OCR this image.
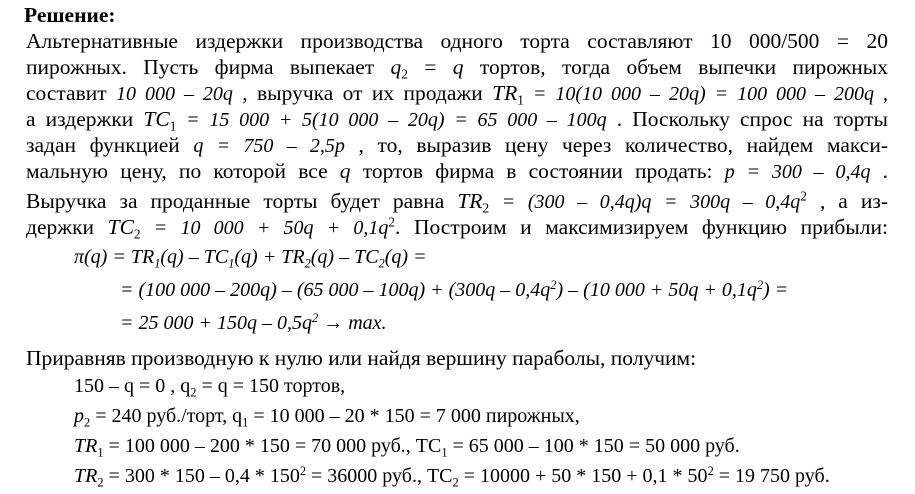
Решение:
Альтернативные издержки производства одного торта составляют 10 000/500 = 20
пирожных. Пусть фирма выпекает $q_2 = q$ тортов, тогда объем выпечки пирожных
составит 10 000 – 20q , выручка от их продажи $TR_1 = 10(10$ 000 – 20q) = 100 000 – 200q ,
а издержки $TC_1 = 15$ 000 + 5(10 000 – 20q) = 65 000 – 100q . Поскольку спрос на торты
задан функцией q = 750 – 2,5p , то, выразив цену через количество, найдем макси-
мальную цену, по которой все q тортов фирма в состоянии продать: p = 300 – 0,4q .
Выручка за проданные торты будет равна $TR_2 = (300 - 0,4q)q = 300q - 0,4q^2$ , а из-
держки $TC_2 = 10$ $000 + 50q + 0,1q^2$. Построим и максимизируем функцию прибыли:
$\pi(q) = TR_1(q) - TC_1(q) + TR_2(q) - TC_2(q)$ =
= (100 000 – 200q) – (65 $000 - 100q) + (300q - 0,4q^2) - (10$ $000 + 50q + 0,1q^2$) =
= 25 $000 + 150q - 0,5q^2 \to \max$.
Приравняв производную к нулю или найдя вершину параболы, получим:
150 – q = 0 , $q_2 = q = 150$ тортов,
$p_2 = 240$ руб./торт, $q_1 = 10$ 000 – 20 * 150 = 7 000 пирожных,
$TR_1 = 100$ 000 – 200 * 150 = 70 000 руб., $TC_1 = 65$ 000 – 100 * 150 = 50 000 руб.
$TR_2 = 300 * 150 - 0,4 * 150^2 = 36000$ руб., $TC_2 = 10000 + 50 * 150 + 0,1 * 50^2 = 19$ 750 руб.
